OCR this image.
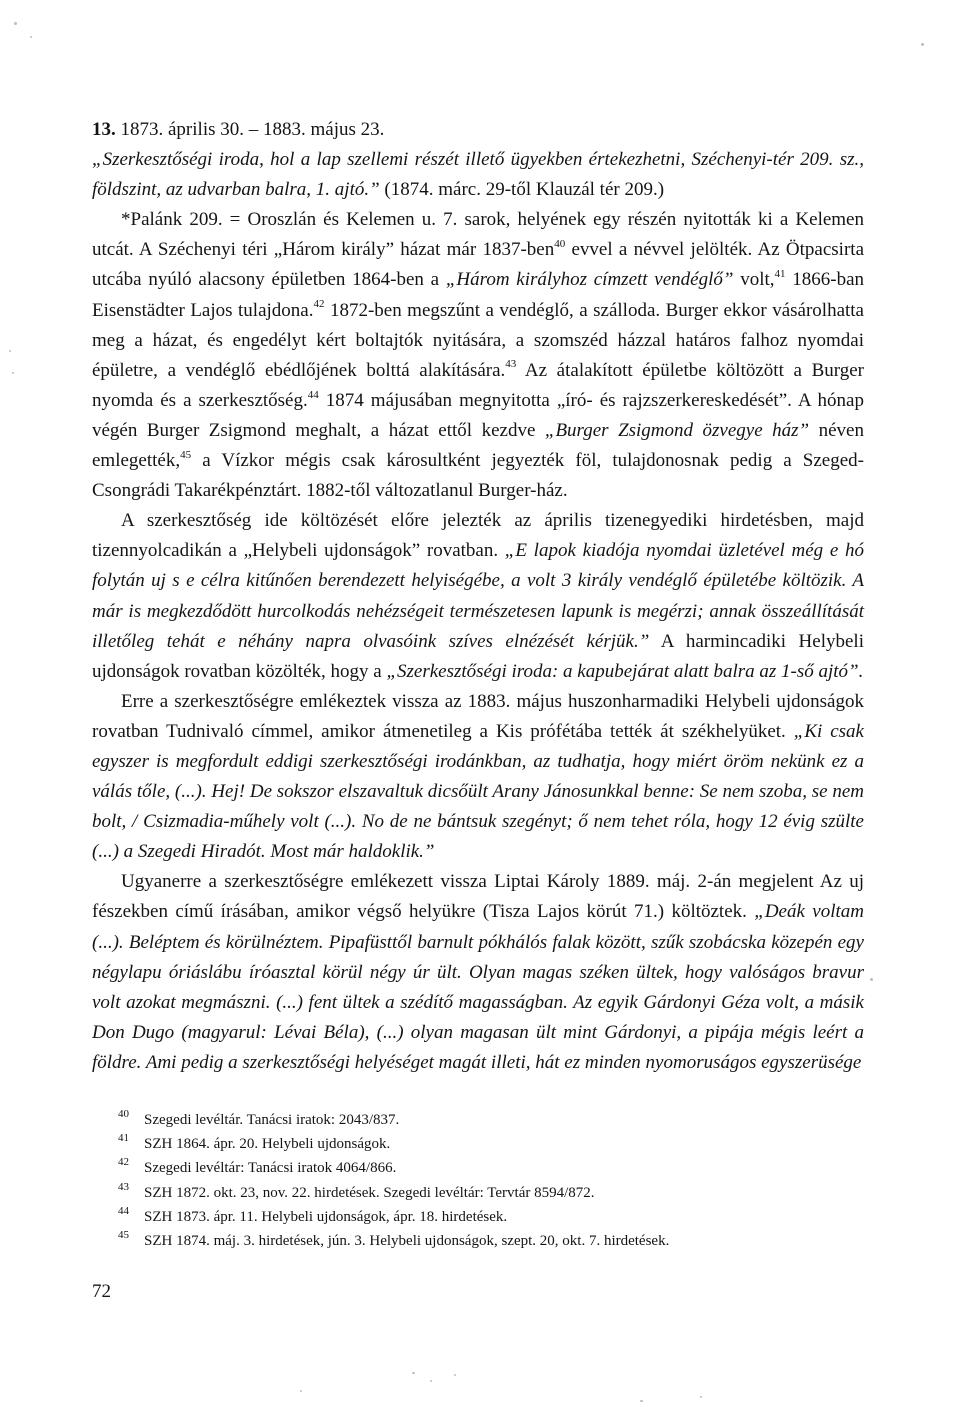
13. 1873. április 30. – 1883. május 23.

„Szerkesztőségi iroda, hol a lap szellemi részét illető ügyekben értekezhetni, Széchenyi-tér 209. sz., földszint, az udvarban balra, 1. ajtó.” (1874. márc. 29-től Klauzál tér 209.)

*Palánk 209. = Oroszlán és Kelemen u. 7. sarok, helyének egy részén nyitották ki a Kelemen utcát. A Széchenyi téri „Három király” házat már 1837-ben$^{40}$ evvel a névvel jelölték. Az Ötpacsirta utcába nyúló alacsony épületben 1864-ben a „Három királyhoz címzett vendéglő” volt,$^{41}$ 1866-ban Eisenstädter Lajos tulajdona.$^{42}$ 1872-ben megszűnt a vendéglő, a szálloda. Burger ekkor vásárolhatta meg a házat, és engedélyt kért boltajtók nyitására, a szomszéd házzal határos falhoz nyomdai épületre, a vendéglő ebédlőjének bolttá alakítására.$^{43}$ Az átalakított épületbe költözött a Burger nyomda és a szerkesztőség.$^{44}$ 1874 májusában megnyitotta „író- és rajzszerkereskedését”. A hónap végén Burger Zsigmond meghalt, a házat ettől kezdve „Burger Zsigmond özvegye ház” néven emlegették,$^{45}$ a Vízkor mégis csak károsultként jegyezték föl, tulajdonosnak pedig a Szeged-Csongrádi Takarékpénztárt. 1882-től változatlanul Burger-ház.

A szerkesztőség ide költözését előre jelezték az április tizenegyediki hirdetésben, majd tizennyolcadikán a „Helybeli ujdonságok” rovatban. „E lapok kiadója nyomdai üzletével még e hó folytán uj s e célra kitűnően berendezett helyiségébe, a volt 3 király vendéglő épületébe költözik. A már is megkezdődött hurcolkodás nehézségeit természetesen lapunk is megérzi; annak összeállítását illetőleg tehát e néhány napra olvasóink szíves elnézését kérjük.” A harmincadiki Helybeli ujdonságok rovatban közölték, hogy a „Szerkesztőségi iroda: a kapubejárat alatt balra az 1-ső ajtó”.

Erre a szerkesztőségre emlékeztek vissza az 1883. május huszonharmadiki Helybeli ujdonságok rovatban Tudnivaló címmel, amikor átmenetileg a Kis prófétába tették át székhelyüket. „Ki csak egyszer is megfordult eddigi szerkesztőségi irodánkban, az tudhatja, hogy miért öröm nekünk ez a válás tőle, (...). Hej! De sokszor elszavaltuk dicsőült Arany Jánosunkkal benne: Se nem szoba, se nem bolt, / Csizmadia-műhely volt (...). No de ne bántsuk szegényt; ő nem tehet róla, hogy 12 évig szülte (...) a Szegedi Hiradót. Most már haldoklik.”

Ugyanerre a szerkesztőségre emlékezett vissza Liptai Károly 1889. máj. 2-án megjelent Az uj fészekben című írásában, amikor végső helyükre (Tisza Lajos körút 71.) költöztek. „Deák voltam (...). Beléptem és körülnéztem. Pipafüsttől barnult pókhálós falak között, szűk szobácska közepén egy négylapu óriáslábu íróasztal körül négy úr ült. Olyan magas széken ültek, hogy valóságos bravur volt azokat megmászni. (...) fent ültek a szédítő magasságban. Az egyik Gárdonyi Géza volt, a másik Don Dugo (magyarul: Lévai Béla), (...) olyan magasan ült mint Gárdonyi, a pipája mégis leért a földre. Ami pedig a szerkesztőségi helyéséget magát illeti, hát ez minden nyomoruságos egyszerüsége

40	Szegedi levéltár. Tanácsi iratok: 2043/837.

41	SZH 1864. ápr. 20. Helybeli ujdonságok.

42	Szegedi levéltár: Tanácsi iratok 4064/866.

43	SZH 1872. okt. 23, nov. 22. hirdetések. Szegedi levéltár: Tervtár 8594/872.

44	SZH 1873. ápr. 11. Helybeli ujdonságok, ápr. 18. hirdetések.

45	SZH 1874. máj. 3. hirdetések, jún. 3. Helybeli ujdonságok, szept. 20, okt. 7. hirdetések.

72
